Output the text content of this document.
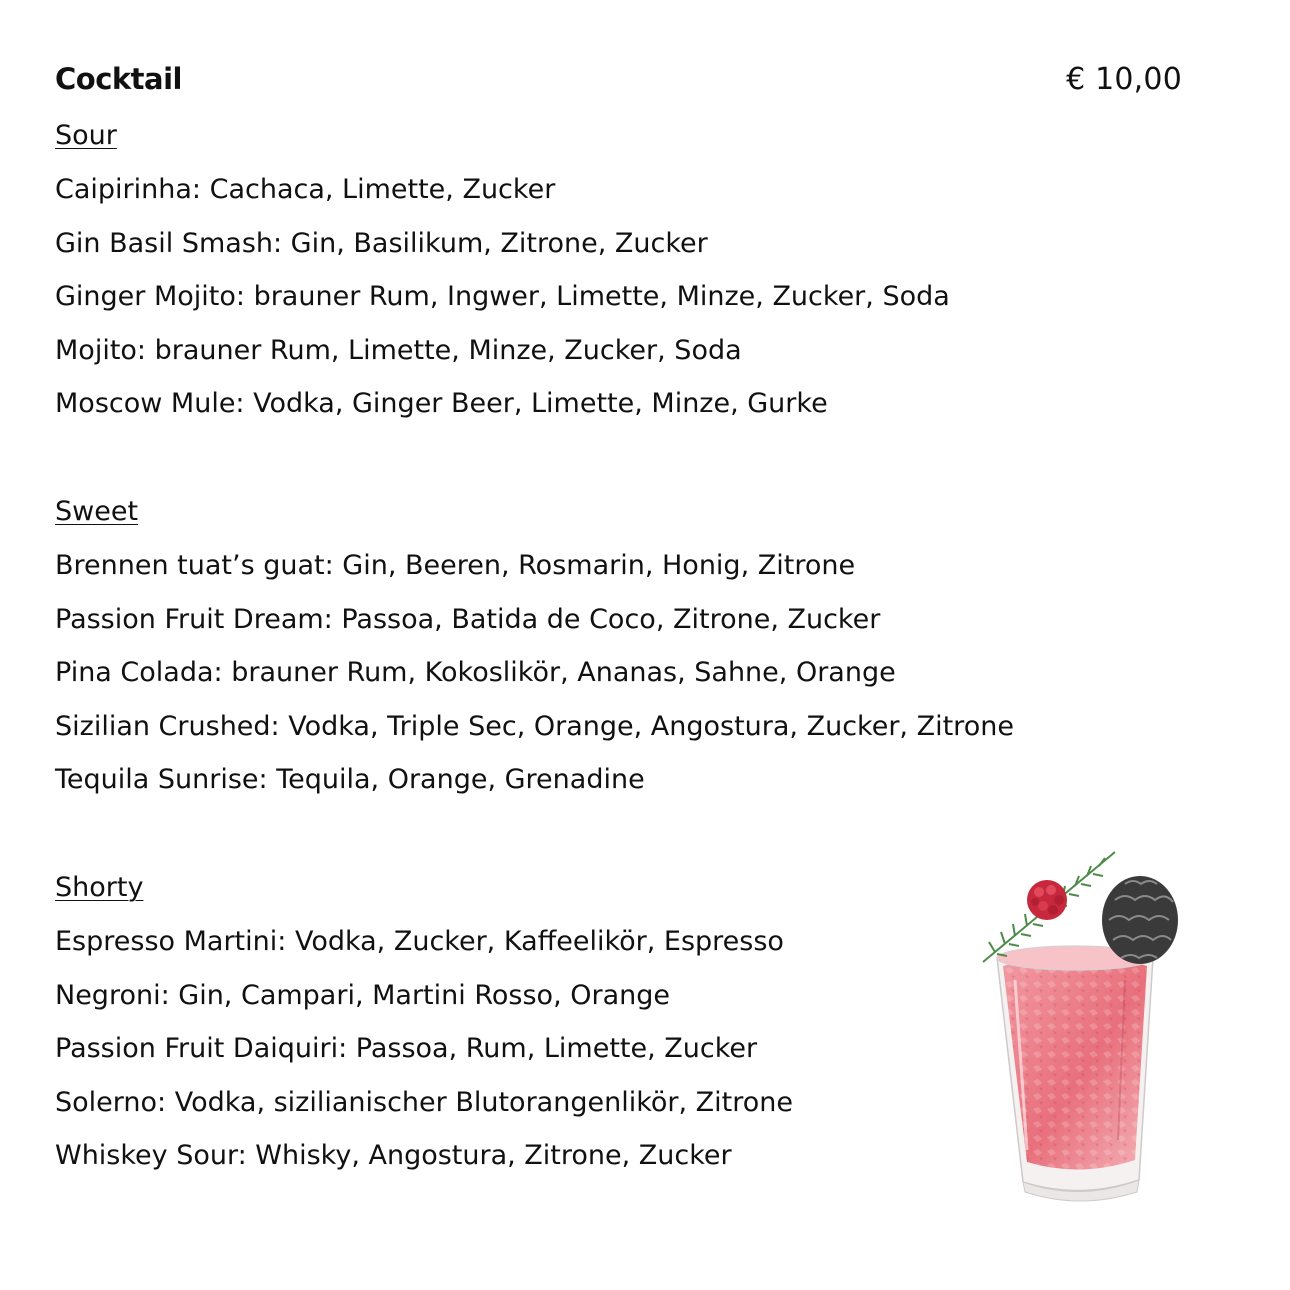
Cocktail	€ 10,00
Sour
Caipirinha: Cachaca, Limette, Zucker
Gin Basil Smash: Gin, Basilikum, Zitrone, Zucker
Ginger Mojito: brauner Rum, Ingwer, Limette, Minze, Zucker, Soda
Mojito: brauner Rum, Limette, Minze, Zucker, Soda
Moscow Mule: Vodka, Ginger Beer, Limette, Minze, Gurke
Sweet
Brennen tuat’s guat: Gin, Beeren, Rosmarin, Honig, Zitrone
Passion Fruit Dream: Passoa, Batida de Coco, Zitrone, Zucker
Pina Colada: brauner Rum, Kokoslikör, Ananas, Sahne, Orange
Sizilian Crushed: Vodka, Triple Sec, Orange, Angostura, Zucker, Zitrone
Tequila Sunrise: Tequila, Orange, Grenadine
Shorty
Espresso Martini: Vodka, Zucker, Kaffeelikör, Espresso
Negroni: Gin, Campari, Martini Rosso, Orange
Passion Fruit Daiquiri: Passoa, Rum, Limette, Zucker
Solerno: Vodka, sizilianischer Blutorangenlikör, Zitrone
Whiskey Sour: Whisky, Angostura, Zitrone, Zucker
